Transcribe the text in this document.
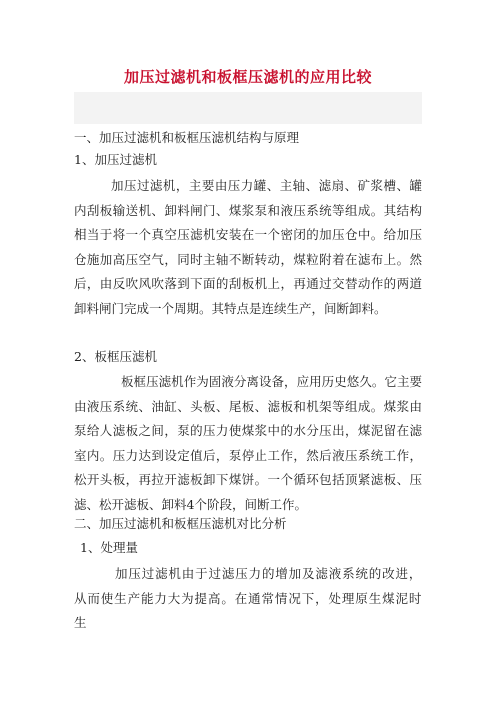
加压过滤机和板框压滤机的应用比较
一、加压过滤机和板框压滤机结构与原理
1、加压过滤机

加压过滤机，主要由压力罐、主轴、滤扇、矿浆槽、罐内刮板输送机、卸料闸门、煤浆泵和液压系统等组成。其结构相当于将一个真空压滤机安装在一个密闭的加压仓中。给加压仓施加高压空气，同时主轴不断转动，煤粒附着在滤布上。然后，由反吹风吹落到下面的刮板机上，再通过交替动作的两道卸料闸门完成一个周期。其特点是连续生产，间断卸料。

2、板框压滤机

板框压滤机作为固液分离设备，应用历史悠久。它主要由液压系统、油缸、头板、尾板、滤板和机架等组成。煤浆由泵给人滤板之间，泵的压力使煤浆中的水分压出，煤泥留在滤室内。压力达到设定值后，泵停止工作，然后液压系统工作，松开头板，再拉开滤板卸下煤饼。一个循环包括顶紧滤板、压滤、松开滤板、卸料4个阶段，间断工作。

二、加压过滤机和板框压滤机对比分析
1、处理量

加压过滤机由于过滤压力的增加及滤液系统的改进，从而使生产能力大为提高。在通常情况下，处理原生煤泥时生
